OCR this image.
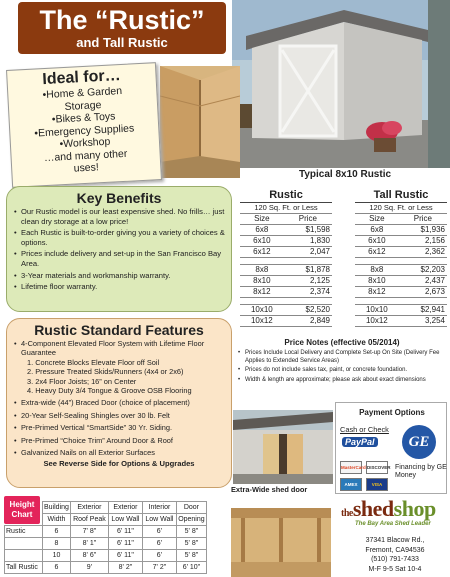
The “Rustic”
and Tall Rustic
Typical 8x10 Rustic
Ideal for…
•Home & Garden
Storage
•Bikes & Toys
•Emergency Supplies
•Workshop
…and many other
uses!
Key Benefits
• Our Rustic model is our least expensive shed. No frills… just clean dry storage at a low price!
• Each Rustic is built-to-order giving you a variety of choices & options.
• Prices include delivery and set-up in the San Francisco Bay Area.
• 3-Year materials and workmanship warranty.
• Lifetime floor warranty.
Rustic	
120 Sq. Ft. or Less	
Size	Price
6x8	$1,598
6x10	1,830
6x12	2,047

8x8	$1,878
8x10	2,125
8x12	2,374

10x10	$2,520
10x12	2,849
Tall Rustic	
120 Sq. Ft. or Less	
Size	Price
6x8	$1,936
6x10	2,156
6x12	2,362

8x8	$2,203
8x10	2,437
8x12	2,673

10x10	$2,941
10x12	3,254
Price Notes (effective 05/2014)
• Prices Include Local Delivery and Complete Set-up On Site (Delivery Fee Applies to Extended Service Areas)
• Prices do not include sales tax, paint, or concrete foundation.
• Width & length are approximate; please ask about exact dimensions
Rustic Standard Features
• 4-Component Elevated Floor System with Lifetime Floor Guarantee
1. Concrete Blocks Elevate Floor off Soil
2. Pressure Treated Skids/Runners (4x4 or 2x6)
3. 2x4 Floor Joists; 16” on Center
4. Heavy Duty 3/4 Tongue & Groove OSB Flooring
• Extra-wide (44”) Braced Door (choice of placement)
• 20-Year Self-Sealing Shingles over 30 lb. Felt
• Pre-Primed Vertical “SmartSide” 30 Yr. Siding.
• Pre-Primed “Choice Trim” Around Door & Roof
• Galvanized Nails on all Exterior Surfaces
See Reverse Side for Options & Upgrades
Extra-Wide shed door
Payment Options
Cash or Check
PayPal	GE
Financing by GE Money
MasterCard DISCOVER
AMEX	VISA
	Building	Exterior	Exterior	Interior	Door
	Width	Roof Peak	Low Wall	Low Wall	Opening
Rustic	6	7' 8"	6' 11"	6'	5' 8"
	8	8' 1"	6' 11"	6'	5' 8"
	10	8' 6"	6' 11"	6'	5' 8"
Tall Rustic	6	9'	8' 2"	7' 2"	6' 10"
Height Chart	theshedshop
The Bay Area Shed Leader
37341 Blacow Rd.,
Fremont, CA94536
(510) 791-7433
M-F 9-5 Sat 10-4
